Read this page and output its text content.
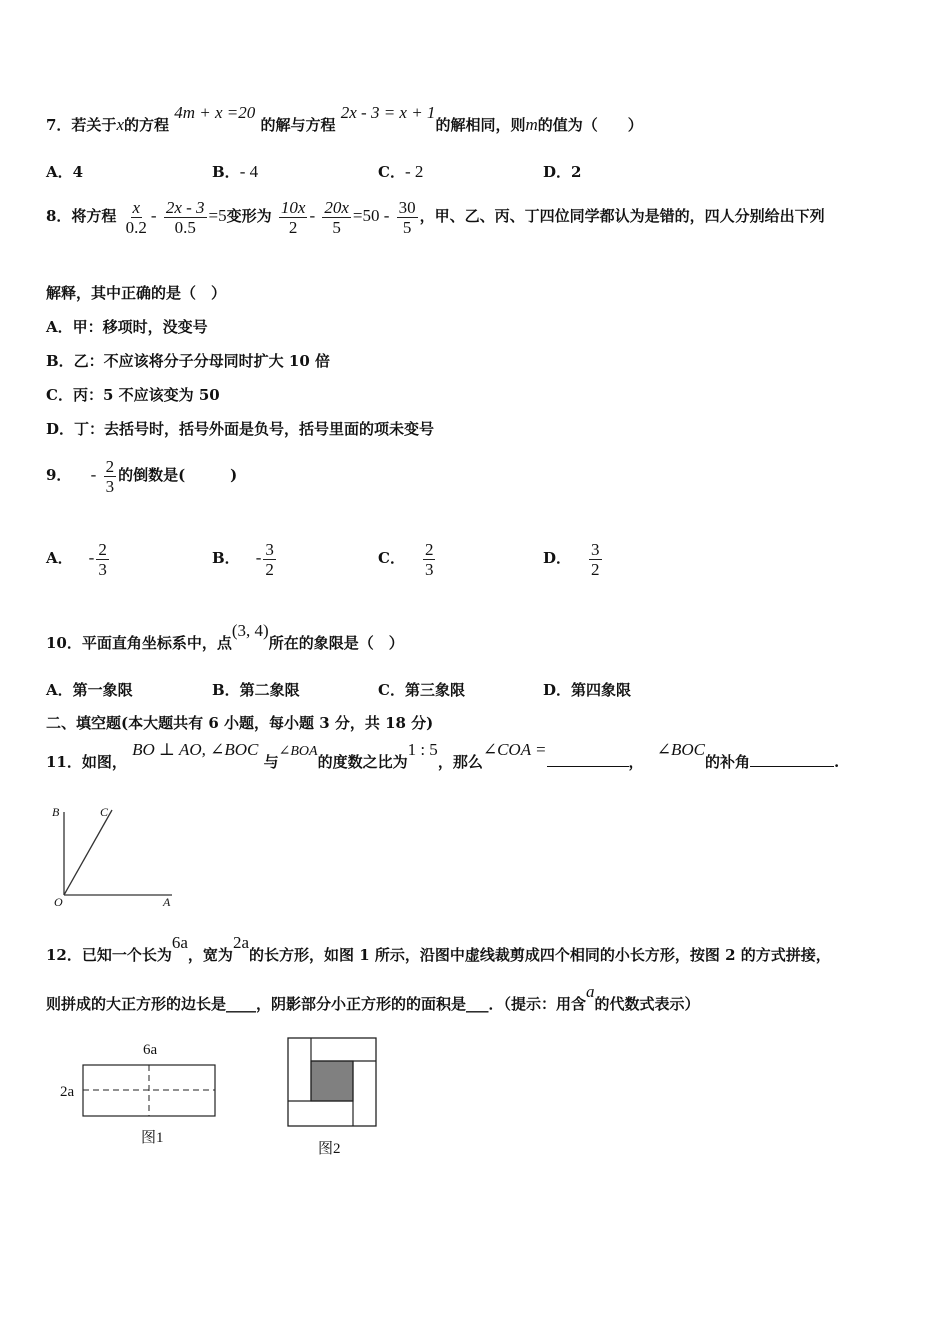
7．若关于x的方程 4m + x =20 的解与方程 2x - 3 = x + 1的解相同，则m的值为（　　）
A．4	B．- 4	C．- 2	D．2
8．将方程 $\frac{x}{0.2} - \frac{2x - 3}{0.5} =5$变形为 $\frac{10x}{2} - \frac{20x}{5} =50 - \frac{30}{5}$ ，甲、乙、丙、丁四位同学都认为是错的，四人分别给出下列
解释，其中正确的是（　）
A．甲：移项时，没变号
B．乙：不应该将分子分母同时扩大 10 倍
C．丙：5 不应该变为 50
D．丁：去括号时，括号外面是负号，括号里面的项未变号
9． - $\frac{2}{3}$ 的倒数是(　　　)
A． - $\frac{2}{3}$	B． - $\frac{3}{2}$	C． $\frac{2}{3}$	D． $\frac{3}{2}$
10．平面直角坐标系中，点(3, 4)所在的象限是（　）
A．第一象限	B．第二象限	C．第三象限	D．第四象限
二、填空题(本大题共有 6 小题，每小题 3 分，共 18 分)
11．如图， BO ⊥ AO, ∠BOC 与∠BOA的度数之比为1 : 5，那么∠COA =， ∠BOC的补角	.
B	C
O	A
12．已知一个长为6a，宽为2a的长方形，如图 1 所示，沿图中虚线裁剪成四个相同的小长方形，按图 2 的方式拼接，
则拼成的大正方形的边长是____，阴影部分小正方形的的面积是___．（提示：用含a的代数式表示）
6a
2a
图1
图2
